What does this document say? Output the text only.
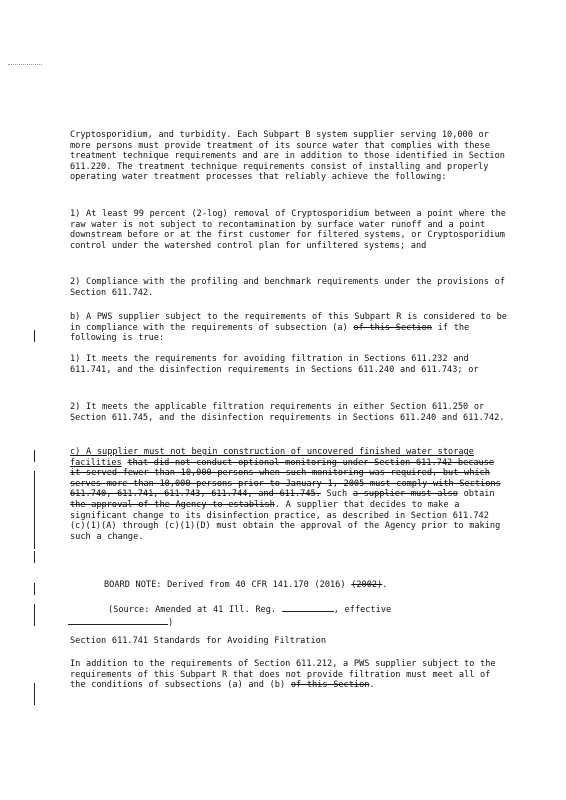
Cryptosporidium, and turbidity. Each Subpart B system supplier serving 10,000 or more persons must provide treatment of its source water that complies with these treatment technique requirements and are in addition to those identified in Section 611.220. The treatment technique requirements consist of installing and properly operating water treatment processes that reliably achieve the following:

1) At least 99 percent (2-log) removal of Cryptosporidium between a point where the raw water is not subject to recontamination by surface water runoff and a point downstream before or at the first customer for filtered systems, or Cryptosporidium control under the watershed control plan for unfiltered systems; and

2) Compliance with the profiling and benchmark requirements under the provisions of Section 611.742.

b) A PWS supplier subject to the requirements of this Subpart R is considered to be in compliance with the requirements of subsection (a) of this Section if the following is true:

1) It meets the requirements for avoiding filtration in Sections 611.232 and 611.741, and the disinfection requirements in Sections 611.240 and 611.743; or

2) It meets the applicable filtration requirements in either Section 611.250 or Section 611.745, and the disinfection requirements in Sections 611.240 and 611.742.

c) A supplier must not begin construction of uncovered finished water storage facilities that did not conduct optional monitoring under Section 611.742 because it served fewer than 10,000 persons when such monitoring was required, but which serves more than 10,000 persons prior to January 1, 2005 must comply with Sections 611.740, 611.741, 611.743, 611.744, and 611.745. Such a supplier must also obtain the approval of the Agency to establish. A supplier that decides to make a significant change to its disinfection practice, as described in Section 611.742 (c)(1)(A) through (c)(1)(D) must obtain the approval of the Agency prior to making such a change.

BOARD NOTE: Derived from 40 CFR 141.170 (2016) (2002).

(Source: Amended at 41 Ill. Reg.	, effective
)

Section 611.741 Standards for Avoiding Filtration

In addition to the requirements of Section 611.212, a PWS supplier subject to the requirements of this Subpart R that does not provide filtration must meet all of the conditions of subsections (a) and (b) of this Section.
